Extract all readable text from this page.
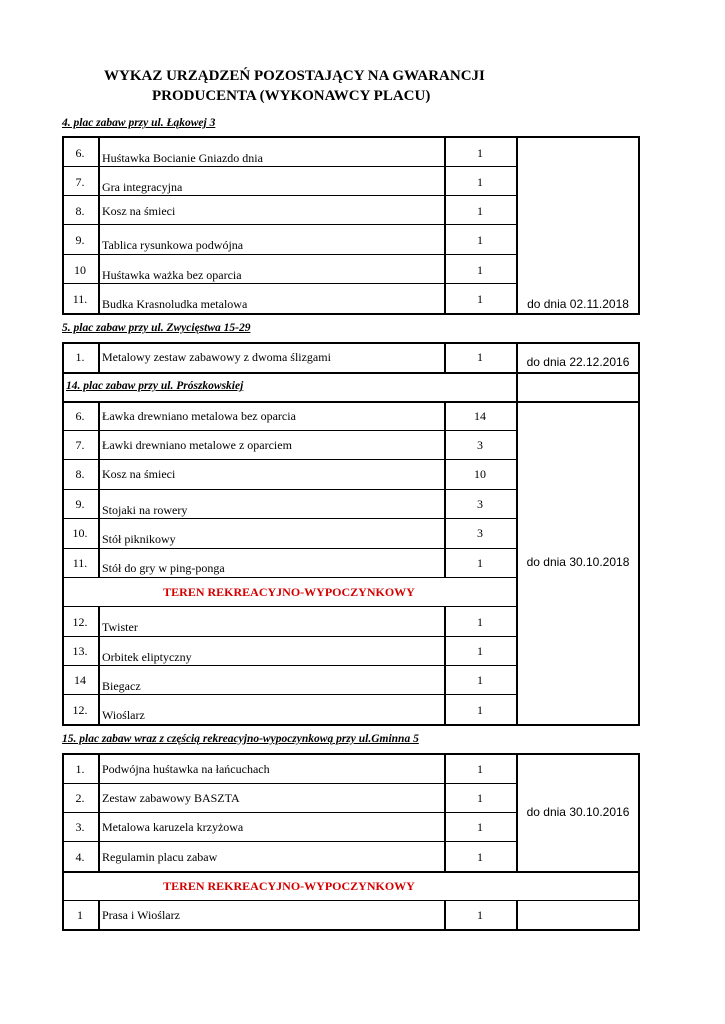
WYKAZ URZĄDZEŃ POZOSTAJĄCY NA GWARANCJI
PRODUCENTA (WYKONAWCY PLACU)
4. plac zabaw przy ul. Łąkowej 3
6.	Huśtawka Bocianie Gniazdo dnia	1
7.	Gra integracyjna	1
8.	Kosz na śmieci	1
9.	Tablica rysunkowa podwójna	1
10	Huśtawka ważka bez oparcia	1
11.	Budka Krasnoludka metalowa	1	do dnia 02.11.2018
5. plac zabaw przy ul. Zwycięstwa 15-29
1.	Metalowy zestaw zabawowy z dwoma ślizgami	1	do dnia 22.12.2016
14. plac zabaw przy ul. Prószkowskiej
6.	Ławka drewniano metalowa bez oparcia	14
7.	Ławki drewniano metalowe z oparciem	3
8.	Kosz na śmieci	10
9.	Stojaki na rowery	3
10.	Stół piknikowy	3
11.	Stół do gry w ping-ponga	1
TEREN REKREACYJNO-WYPOCZYNKOWY
12.	Twister	1
13.	Orbitek eliptyczny	1
14	Biegacz	1
12.	Wioślarz	1
do dnia 30.10.2018
15. plac zabaw wraz z częścią rekreacyjno-wypoczynkową przy ul.Gminna 5
1.	Podwójna huśtawka na łańcuchach	1
2.	Zestaw zabawowy BASZTA	1
3.	Metalowa karuzela krzyżowa	1
4.	Regulamin placu zabaw	1
do dnia 30.10.2016
TEREN REKREACYJNO-WYPOCZYNKOWY
1	Prasa i Wioślarz	1
